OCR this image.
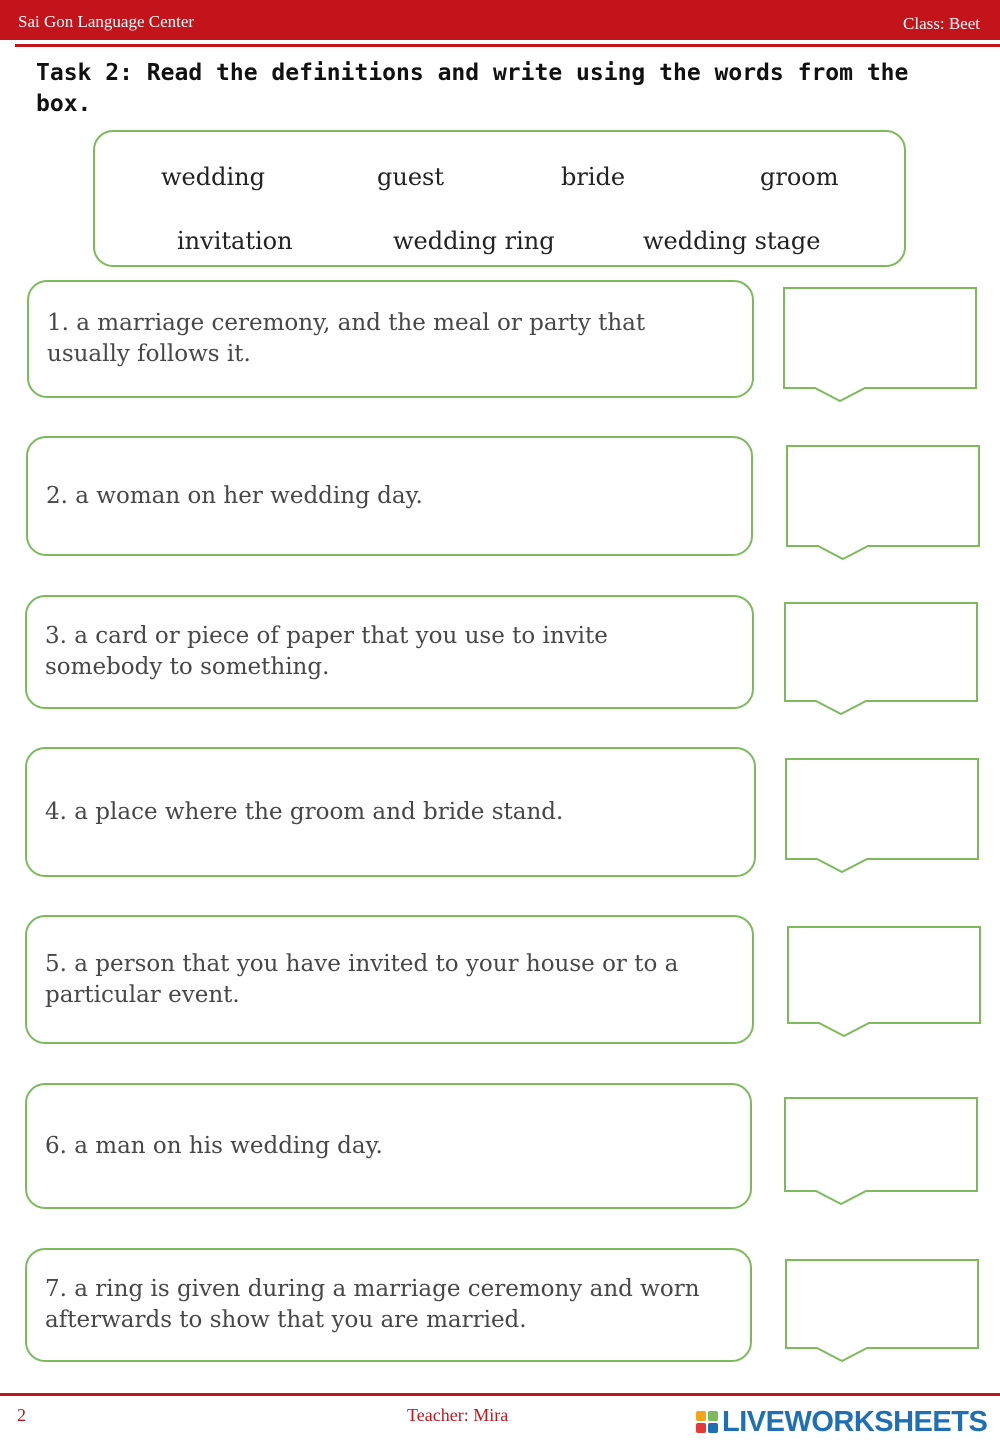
Sai Gon Language Center	Class: Beet
Task 2: Read the definitions and write using the words from the box.
wedding	guest	bride	groom
invitation	wedding ring	wedding stage
1. a marriage ceremony, and the meal or party that usually follows it.
2. a woman on her wedding day.
3. a card or piece of paper that you use to invite somebody to something.
4. a place where the groom and bride stand.
5. a person that you have invited to your house or to a particular event.
6. a man on his wedding day.
7. a ring is given during a marriage ceremony and worn afterwards to show that you are married.
2	Teacher: Mira	LIVEWORKSHEETS
